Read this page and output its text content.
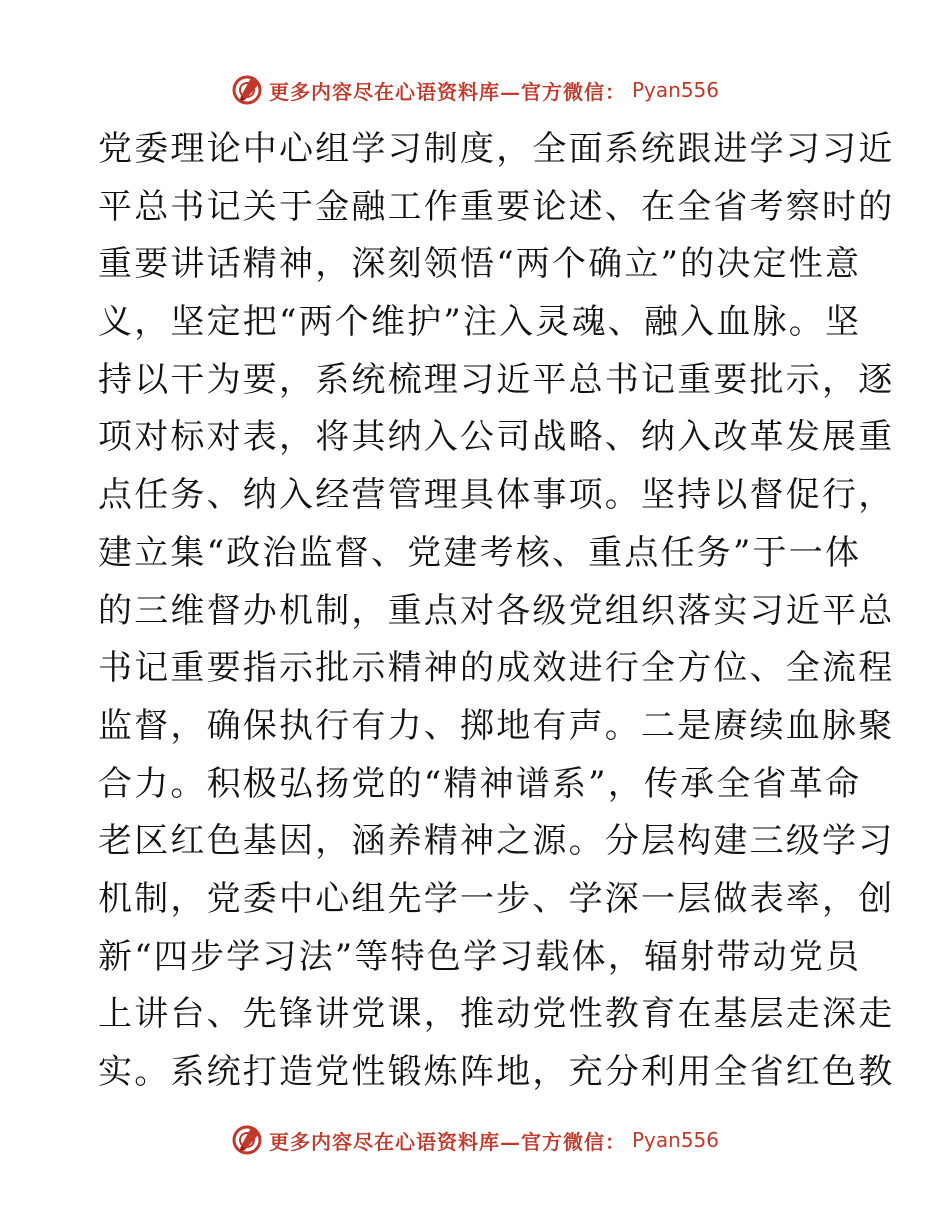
更多内容尽在心语资料库—官方微信： Pyan556
党委理论中心组学习制度，全面系统跟进学习习近
平总书记关于金融工作重要论述、在全省考察时的
重要讲话精神，深刻领悟“两个确立”的决定性意
义，坚定把“两个维护”注入灵魂、融入血脉。坚
持以干为要，系统梳理习近平总书记重要批示，逐
项对标对表，将其纳入公司战略、纳入改革发展重
点任务、纳入经营管理具体事项。坚持以督促行，
建立集“政治监督、党建考核、重点任务”于一体
的三维督办机制，重点对各级党组织落实习近平总
书记重要指示批示精神的成效进行全方位、全流程
监督，确保执行有力、掷地有声。二是赓续血脉聚
合力。积极弘扬党的“精神谱系”，传承全省革命
老区红色基因，涵养精神之源。分层构建三级学习
机制，党委中心组先学一步、学深一层做表率，创
新“四步学习法”等特色学习载体，辐射带动党员
上讲台、先锋讲党课，推动党性教育在基层走深走
实。系统打造党性锻炼阵地，充分利用全省红色教
更多内容尽在心语资料库—官方微信： Pyan556
